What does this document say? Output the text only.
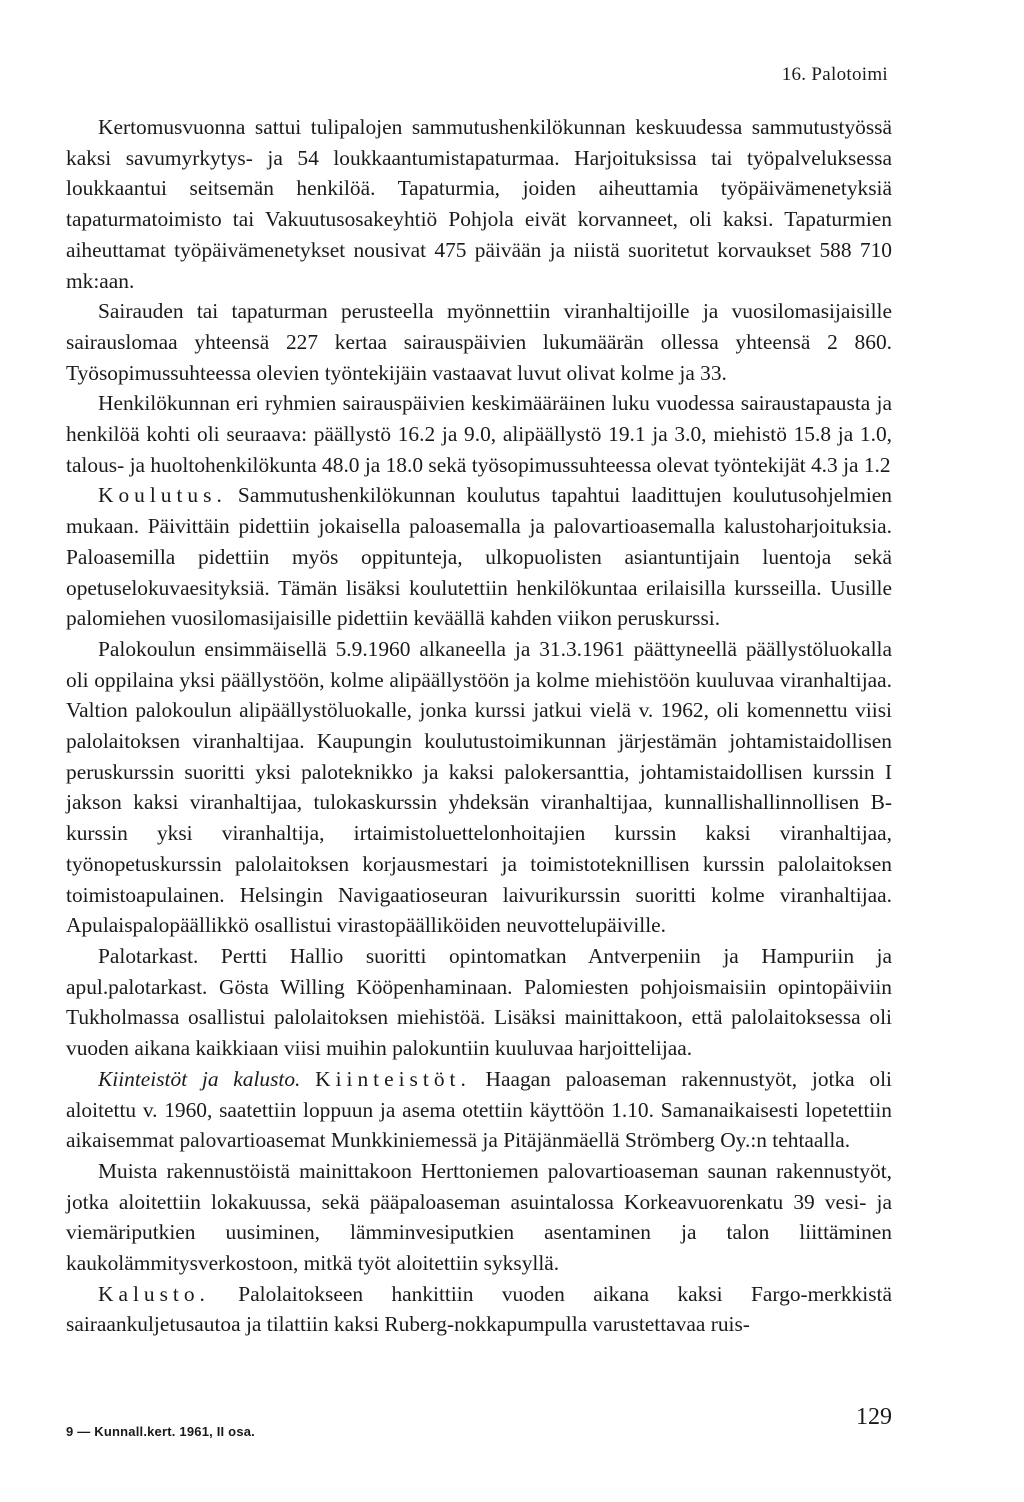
16. Palotoimi

Kertomusvuonna sattui tulipalojen sammutushenkilökunnan keskuudessa sammutustyössä kaksi savumyrkytys- ja 54 loukkaantumistapaturmaa. Harjoituksissa tai työpalveluksessa loukkaantui seitsemän henkilöä. Tapaturmia, joiden aiheuttamia työpäivämenetyksiä tapaturmatoimisto tai Vakuutusosakeyhtiö Pohjola eivät korvanneet, oli kaksi. Tapaturmien aiheuttamat työpäivämenetykset nousivat 475 päivään ja niistä suoritetut korvaukset 588 710 mk:aan.

Sairauden tai tapaturman perusteella myönnettiin viranhaltijoille ja vuosilomasijaisille sairauslomaa yhteensä 227 kertaa sairauspäivien lukumäärän ollessa yhteensä 2 860. Työsopimussuhteessa olevien työntekijäin vastaavat luvut olivat kolme ja 33.

Henkilökunnan eri ryhmien sairauspäivien keskimääräinen luku vuodessa sairaustapausta ja henkilöä kohti oli seuraava: päällystö 16.2 ja 9.0, alipäällystö 19.1 ja 3.0, miehistö 15.8 ja 1.0, talous- ja huoltohenkilökunta 48.0 ja 18.0 sekä työsopimussuhteessa olevat työntekijät 4.3 ja 1.2

Koulutus. Sammutushenkilökunnan koulutus tapahtui laadittujen koulutusohjelmien mukaan. Päivittäin pidettiin jokaisella paloasemalla ja palovartioasemalla kalustoharjoituksia. Paloasemilla pidettiin myös oppitunteja, ulkopuolisten asiantuntijain luentoja sekä opetuselokuvaesityksiä. Tämän lisäksi koulutettiin henkilökuntaa erilaisilla kursseilla. Uusille palomiehen vuosilomasijaisille pidettiin keväällä kahden viikon peruskurssi.

Palokoulun ensimmäisellä 5.9.1960 alkaneella ja 31.3.1961 päättyneellä päällystöluokalla oli oppilaina yksi päällystöön, kolme alipäällystöön ja kolme miehistöön kuuluvaa viranhaltijaa. Valtion palokoulun alipäällystöluokalle, jonka kurssi jatkui vielä v. 1962, oli komennettu viisi palolaitoksen viranhaltijaa. Kaupungin koulutustoimikunnan järjestämän johtamistaidollisen peruskurssin suoritti yksi paloteknikko ja kaksi palokersanttia, johtamistaidollisen kurssin I jakson kaksi viranhaltijaa, tulokaskurssin yhdeksän viranhaltijaa, kunnallishallinnollisen B-kurssin yksi viranhaltija, irtaimistoluettelonhoitajien kurssin kaksi viranhaltijaa, työnopetuskurssin palolaitoksen korjausmestari ja toimistoteknillisen kurssin palolaitoksen toimistoapulainen. Helsingin Navigaatioseuran laivurikurssin suoritti kolme viranhaltijaa. Apulaispalopäällikkö osallistui virastopäälliköiden neuvottelupäiville.

Palotarkast. Pertti Hallio suoritti opintomatkan Antverpeniin ja Hampuriin ja apul.palotarkast. Gösta Willing Kööpenhaminaan. Palomiesten pohjoismaisiin opintopäiviin Tukholmassa osallistui palolaitoksen miehistöä. Lisäksi mainittakoon, että palolaitoksessa oli vuoden aikana kaikkiaan viisi muihin palokuntiin kuuluvaa harjoittelijaa.

Kiinteistöt ja kalusto. Kiinteistöt. Haagan paloaseman rakennustyöt, jotka oli aloitettu v. 1960, saatettiin loppuun ja asema otettiin käyttöön 1.10. Samanaikaisesti lopetettiin aikaisemmat palovartioasemat Munkkiniemessä ja Pitäjänmäellä Strömberg Oy.:n tehtaalla.

Muista rakennustöistä mainittakoon Herttoniemen palovartioaseman saunan rakennustyöt, jotka aloitettiin lokakuussa, sekä pääpaloaseman asuintalossa Korkeavuorenkatu 39 vesi- ja viemäriputkien uusiminen, lämminvesiputkien asentaminen ja talon liittäminen kaukolämmitysverkostoon, mitkä työt aloitettiin syksyllä.

Kalusto. Palolaitokseen hankittiin vuoden aikana kaksi Fargo-merkkistä sairaankuljetusautoa ja tilattiin kaksi Ruberg-nokkapumpulla varustettavaa ruis-

9 — Kunnall.kert. 1961, II osa.
129
